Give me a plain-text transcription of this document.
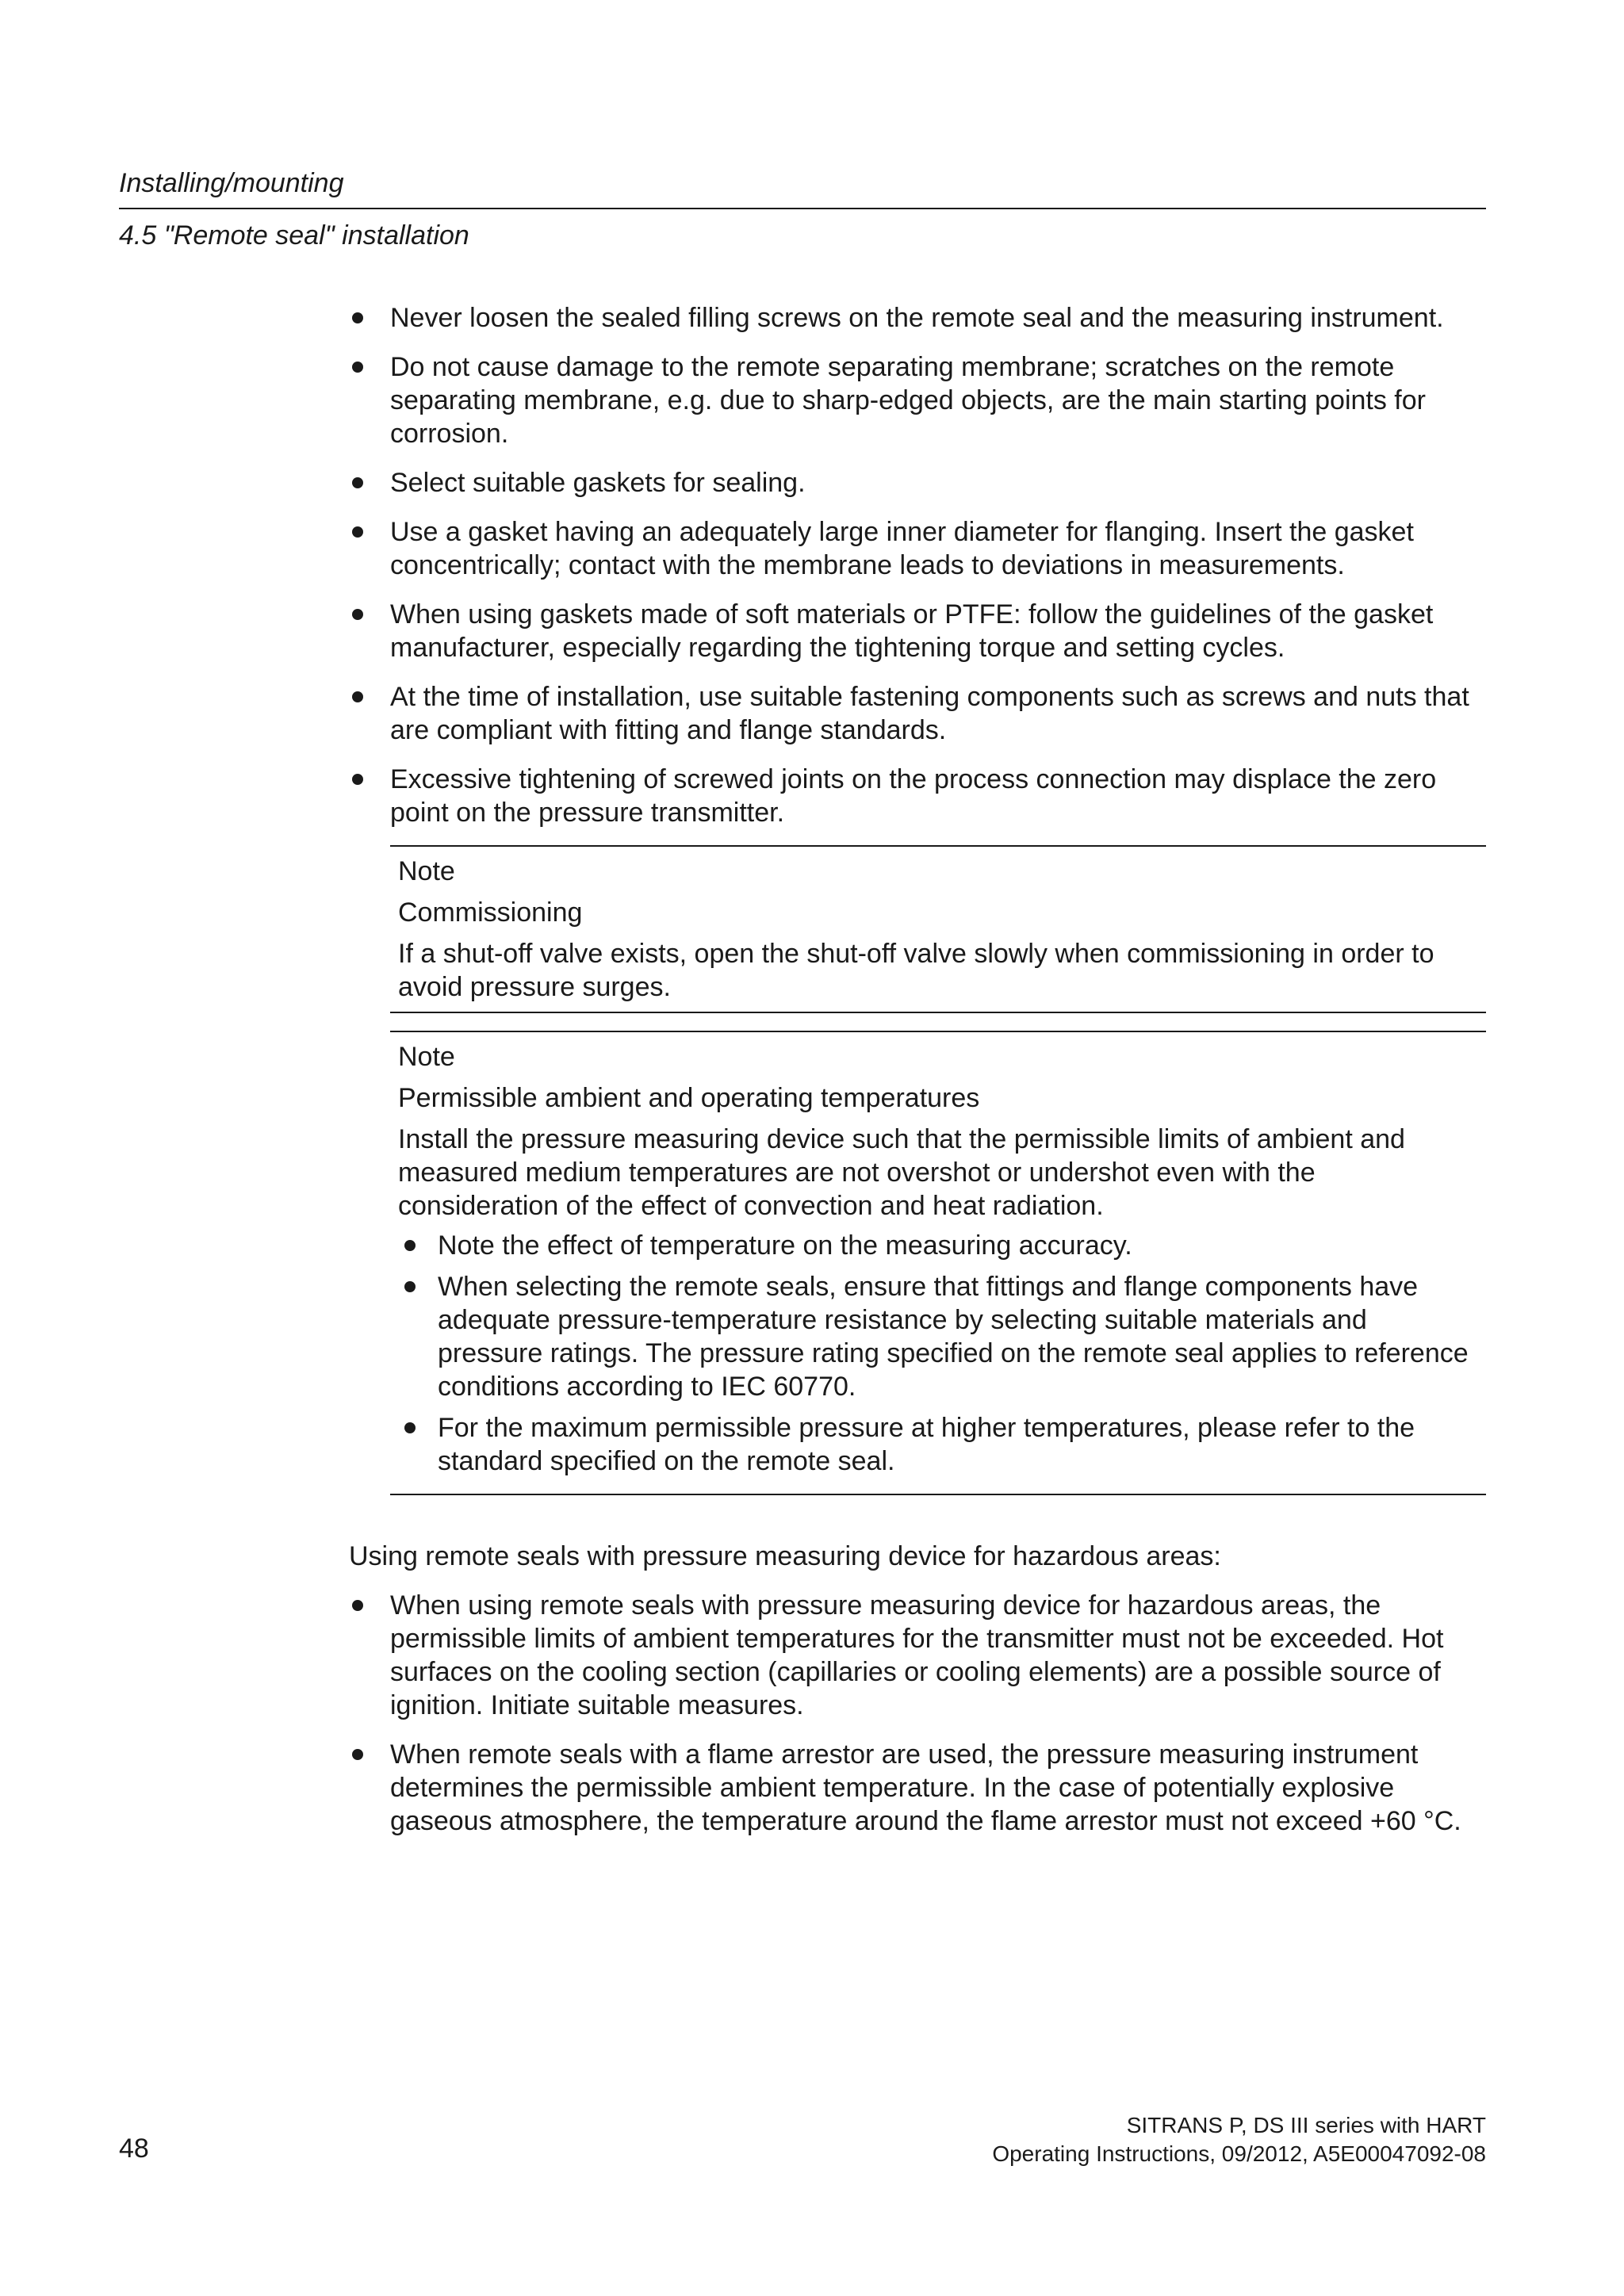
Installing/mounting
4.5 "Remote seal" installation
Never loosen the sealed filling screws on the remote seal and the measuring instrument.
Do not cause damage to the remote separating membrane; scratches on the remote separating membrane, e.g. due to sharp-edged objects, are the main starting points for corrosion.
Select suitable gaskets for sealing.
Use a gasket having an adequately large inner diameter for flanging. Insert the gasket concentrically; contact with the membrane leads to deviations in measurements.
When using gaskets made of soft materials or PTFE: follow the guidelines of the gasket manufacturer, especially regarding the tightening torque and setting cycles.
At the time of installation, use suitable fastening components such as screws and nuts that are compliant with fitting and flange standards.
Excessive tightening of screwed joints on the process connection may displace the zero point on the pressure transmitter.

Note

Commissioning

If a shut-off valve exists, open the shut-off valve slowly when commissioning in order to avoid pressure surges.

Note

Permissible ambient and operating temperatures

Install the pressure measuring device such that the permissible limits of ambient and measured medium temperatures are not overshot or undershot even with the consideration of the effect of convection and heat radiation.

Note the effect of temperature on the measuring accuracy.
When selecting the remote seals, ensure that fittings and flange components have adequate pressure-temperature resistance by selecting suitable materials and pressure ratings. The pressure rating specified on the remote seal applies to reference conditions according to IEC 60770.
For the maximum permissible pressure at higher temperatures, please refer to the standard specified on the remote seal.

Using remote seals with pressure measuring device for hazardous areas:

When using remote seals with pressure measuring device for hazardous areas, the permissible limits of ambient temperatures for the transmitter must not be exceeded. Hot surfaces on the cooling section (capillaries or cooling elements) are a possible source of ignition. Initiate suitable measures.
When remote seals with a flame arrestor are used, the pressure measuring instrument determines the permissible ambient temperature. In the case of potentially explosive gaseous atmosphere, the temperature around the flame arrestor must not exceed +60 °C.
48
SITRANS P, DS III series with HART
Operating Instructions, 09/2012, A5E00047092-08
